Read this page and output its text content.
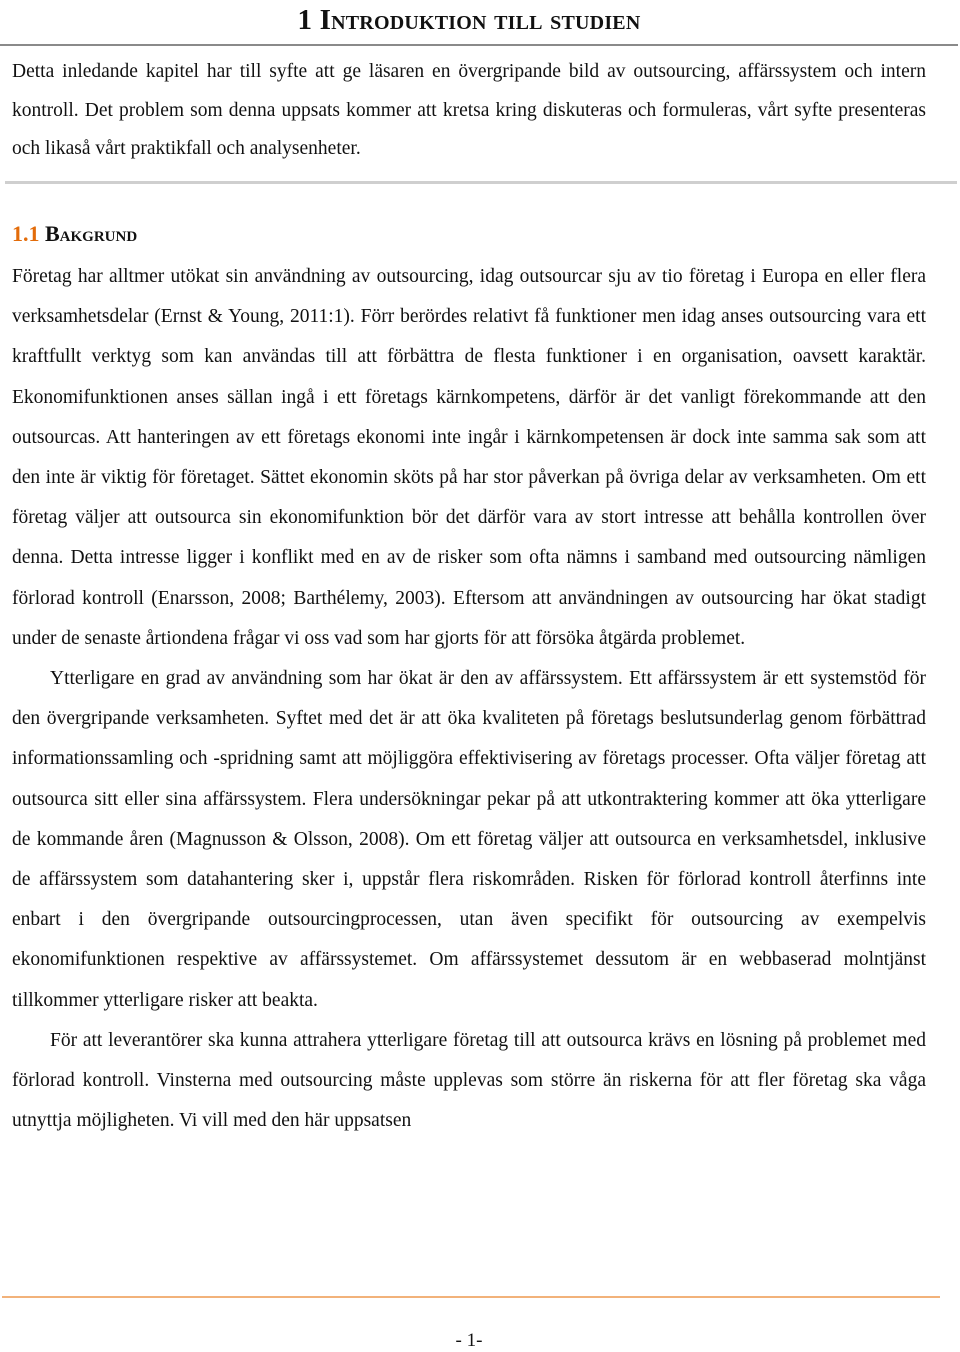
1 Introduktion till studien

Detta inledande kapitel har till syfte att ge läsaren en övergripande bild av outsourcing, affärssystem och intern kontroll. Det problem som denna uppsats kommer att kretsa kring diskuteras och formuleras, vårt syfte presenteras och likaså vårt praktikfall och analysenheter.

1.1 Bakgrund

Företag har alltmer utökat sin användning av outsourcing, idag outsourcar sju av tio företag i Europa en eller flera verksamhetsdelar (Ernst & Young, 2011:1). Förr berördes relativt få funktioner men idag anses outsourcing vara ett kraftfullt verktyg som kan användas till att förbättra de flesta funktioner i en organisation, oavsett karaktär. Ekonomifunktionen anses sällan ingå i ett företags kärnkompetens, därför är det vanligt förekommande att den outsourcas. Att hanteringen av ett företags ekonomi inte ingår i kärnkompetensen är dock inte samma sak som att den inte är viktig för företaget. Sättet ekonomin sköts på har stor påverkan på övriga delar av verksamheten. Om ett företag väljer att outsourca sin ekonomifunktion bör det därför vara av stort intresse att behålla kontrollen över denna. Detta intresse ligger i konflikt med en av de risker som ofta nämns i samband med outsourcing nämligen förlorad kontroll (Enarsson, 2008; Barthélemy, 2003). Eftersom att användningen av outsourcing har ökat stadigt under de senaste årtiondena frågar vi oss vad som har gjorts för att försöka åtgärda problemet.

Ytterligare en grad av användning som har ökat är den av affärssystem. Ett affärssystem är ett systemstöd för den övergripande verksamheten. Syftet med det är att öka kvaliteten på företags beslutsunderlag genom förbättrad informationssamling och -spridning samt att möjliggöra effektivisering av företags processer. Ofta väljer företag att outsourca sitt eller sina affärssystem. Flera undersökningar pekar på att utkontraktering kommer att öka ytterligare de kommande åren (Magnusson & Olsson, 2008). Om ett företag väljer att outsourca en verksamhetsdel, inklusive de affärssystem som datahantering sker i, uppstår flera riskområden. Risken för förlorad kontroll återfinns inte enbart i den övergripande outsourcingprocessen, utan även specifikt för outsourcing av exempelvis ekonomifunktionen respektive av affärssystemet. Om affärssystemet dessutom är en webbaserad molntjänst tillkommer ytterligare risker att beakta.

För att leverantörer ska kunna attrahera ytterligare företag till att outsourca krävs en lösning på problemet med förlorad kontroll. Vinsterna med outsourcing måste upplevas som större än riskerna för att fler företag ska våga utnyttja möjligheten. Vi vill med den här uppsatsen

- 1-
